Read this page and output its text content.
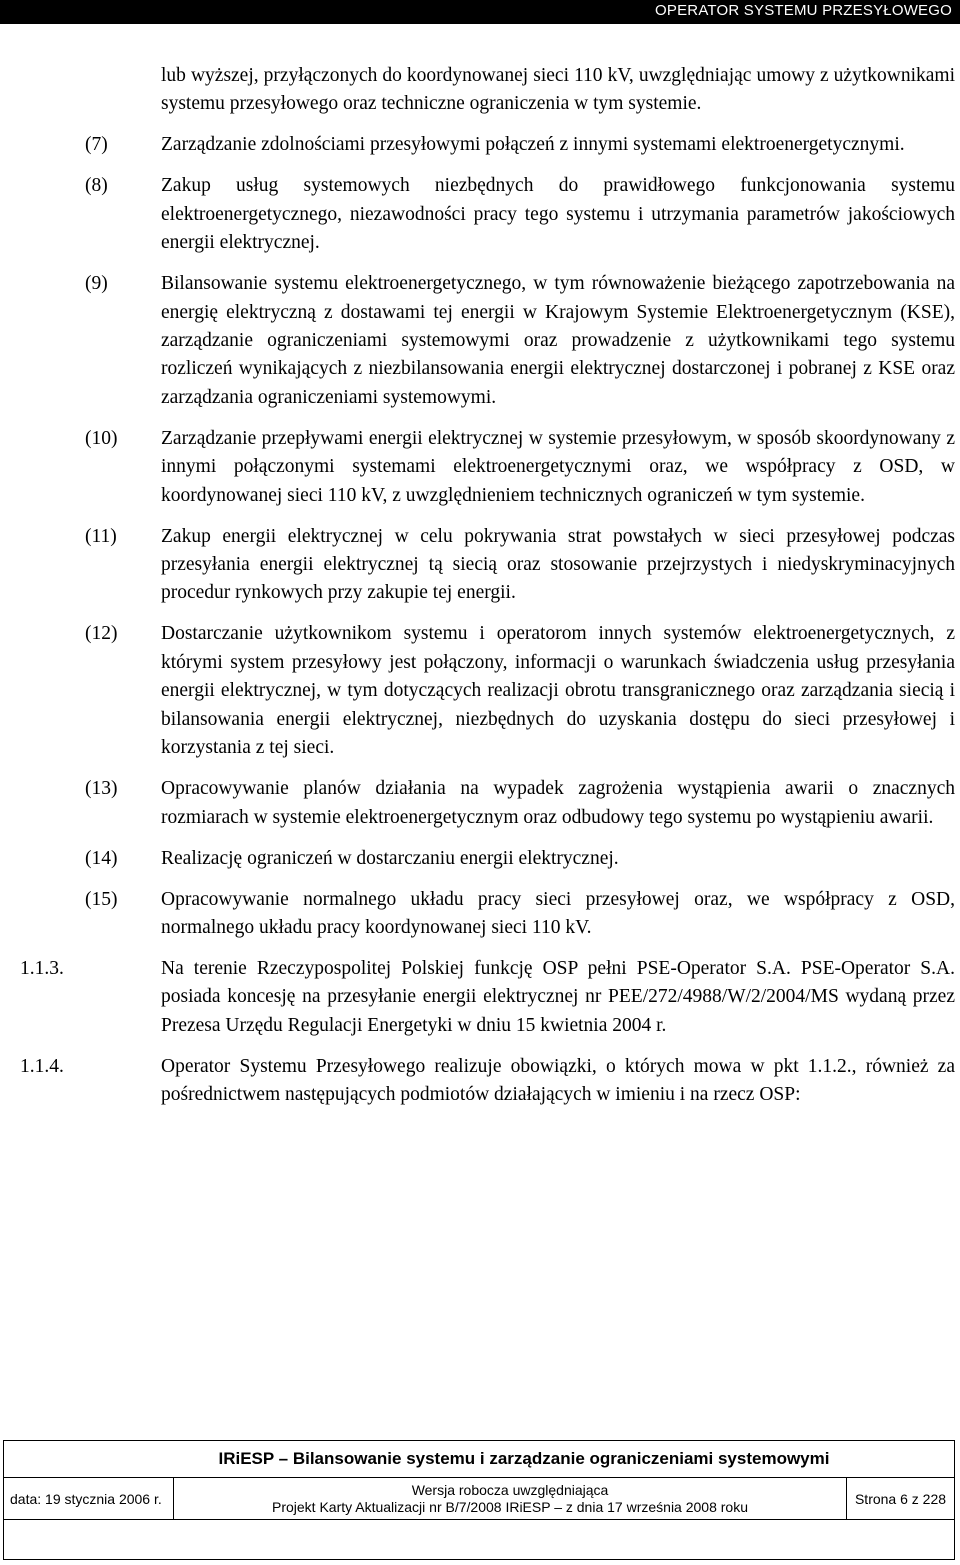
OPERATOR SYSTEMU PRZESYŁOWEGO
lub wyższej, przyłączonych do koordynowanej sieci 110 kV, uwzględniając umowy z użytkownikami systemu przesyłowego oraz techniczne ograniczenia w tym systemie.
(7)	Zarządzanie zdolnościami przesyłowymi połączeń z innymi systemami elektroenergetycznymi.
(8)	Zakup usług systemowych niezbędnych do prawidłowego funkcjonowania systemu elektroenergetycznego, niezawodności pracy tego systemu i utrzymania parametrów jakościowych energii elektrycznej.
(9)	Bilansowanie systemu elektroenergetycznego, w tym równoważenie bieżącego zapotrzebowania na energię elektryczną z dostawami tej energii w Krajowym Systemie Elektroenergetycznym (KSE), zarządzanie ograniczeniami systemowymi oraz prowadzenie z użytkownikami tego systemu rozliczeń wynikających z niezbilansowania energii elektrycznej dostarczonej i pobranej z KSE oraz zarządzania ograniczeniami systemowymi.
(10) Zarządzanie przepływami energii elektrycznej w systemie przesyłowym, w sposób skoordynowany z innymi połączonymi systemami elektroenergetycznymi oraz, we współpracy z OSD, w koordynowanej sieci 110 kV, z uwzględnieniem technicznych ograniczeń w tym systemie.
(11) Zakup energii elektrycznej w celu pokrywania strat powstałych w sieci przesyłowej podczas przesyłania energii elektrycznej tą siecią oraz stosowanie przejrzystych i niedyskryminacyjnych procedur rynkowych przy zakupie tej energii.
(12) Dostarczanie użytkownikom systemu i operatorom innych systemów elektroenergetycznych, z którymi system przesyłowy jest połączony, informacji o warunkach świadczenia usług przesyłania energii elektrycznej, w tym dotyczących realizacji obrotu transgranicznego oraz zarządzania siecią i bilansowania energii elektrycznej, niezbędnych do uzyskania dostępu do sieci przesyłowej i korzystania z tej sieci.
(13) Opracowywanie planów działania na wypadek zagrożenia wystąpienia awarii o znacznych rozmiarach w systemie elektroenergetycznym oraz odbudowy tego systemu po wystąpieniu awarii.
(14) Realizację ograniczeń w dostarczaniu energii elektrycznej.
(15) Opracowywanie normalnego układu pracy sieci przesyłowej oraz, we współpracy z OSD, normalnego układu pracy koordynowanej sieci 110 kV.
1.1.3.	Na terenie Rzeczypospolitej Polskiej funkcję OSP pełni PSE-Operator S.A. PSE-Operator S.A. posiada koncesję na przesyłanie energii elektrycznej nr PEE/272/4988/W/2/2004/MS wydaną przez Prezesa Urzędu Regulacji Energetyki w dniu 15 kwietnia 2004 r.
1.1.4.	Operator Systemu Przesyłowego realizuje obowiązki, o których mowa w pkt 1.1.2., również za pośrednictwem następujących podmiotów działających w imieniu i na rzecz OSP:
IRiESP – Bilansowanie systemu i zarządzanie ograniczeniami systemowymi
data: 19 stycznia 2006 r.
Wersja robocza uwzględniająca
Projekt Karty Aktualizacji nr B/7/2008 IRiESP – z dnia 17 września 2008 roku	Strona 6 z 228
